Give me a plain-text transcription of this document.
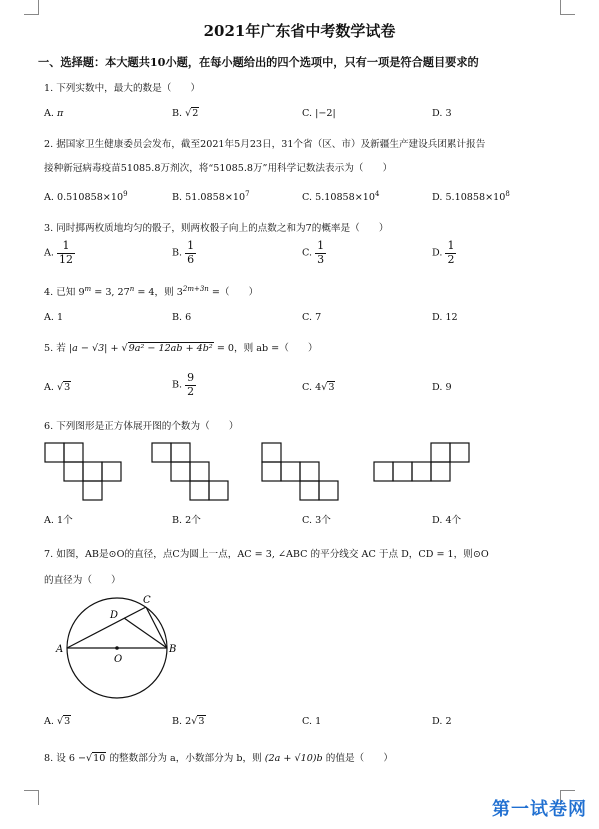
2021年广东省中考数学试卷
一、选择题：本大题共10小题，在每小题给出的四个选项中，只有一项是符合题目要求的
1. 下列实数中，最大的数是（　　）
A. π	B. √2	C. |−2|	D. 3
2. 据国家卫生健康委员会发布，截至2021年5月23日，31个省（区、市）及新疆生产建设兵团累计报告
接种新冠病毒疫苗51085.8万剂次，将“51085.8万”用科学记数法表示为（　　）
A. $0.510858\times 10^9$	B. $51.0858\times 10^7$	C. $5.10858\times 10^4$	D. $5.10858\times 10^8$
3. 同时掷两枚质地均匀的骰子，则两枚骰子向上的点数之和为7的概率是（　　）
A. $\frac{1}{12}$	B. $\frac{1}{6}$	C. $\frac{1}{3}$	D. $\frac{1}{2}$
4. 已知 $9^m = 3$, $27^n = 4$，则 $3^{2m+3n}$ =（　　）
A. 1	B. 6	C. 7	D. 12
5. 若 |a − √3| + √9a² − 12ab + 4b² = 0，则 ab =（　　）
A. √3	B. $\frac{9}{2}$	C. 4√3	D. 9
6. 下列图形是正方体展开图的个数为（　　）
A. 1个	B. 2个	C. 3个	D. 4个
7. 如图，AB是⊙O的直径，点C为圆上一点，AC = 3, ∠ABC 的平分线交 AC 于点 D，CD = 1，则⊙O
的直径为（　　）
A	B
C
D
O
A. √3	B. 2√3	C. 1	D. 2
8. 设 6 −√10 的整数部分为 a，小数部分为 b，则 (2a + √10)b 的值是（　　）
第一试卷网
